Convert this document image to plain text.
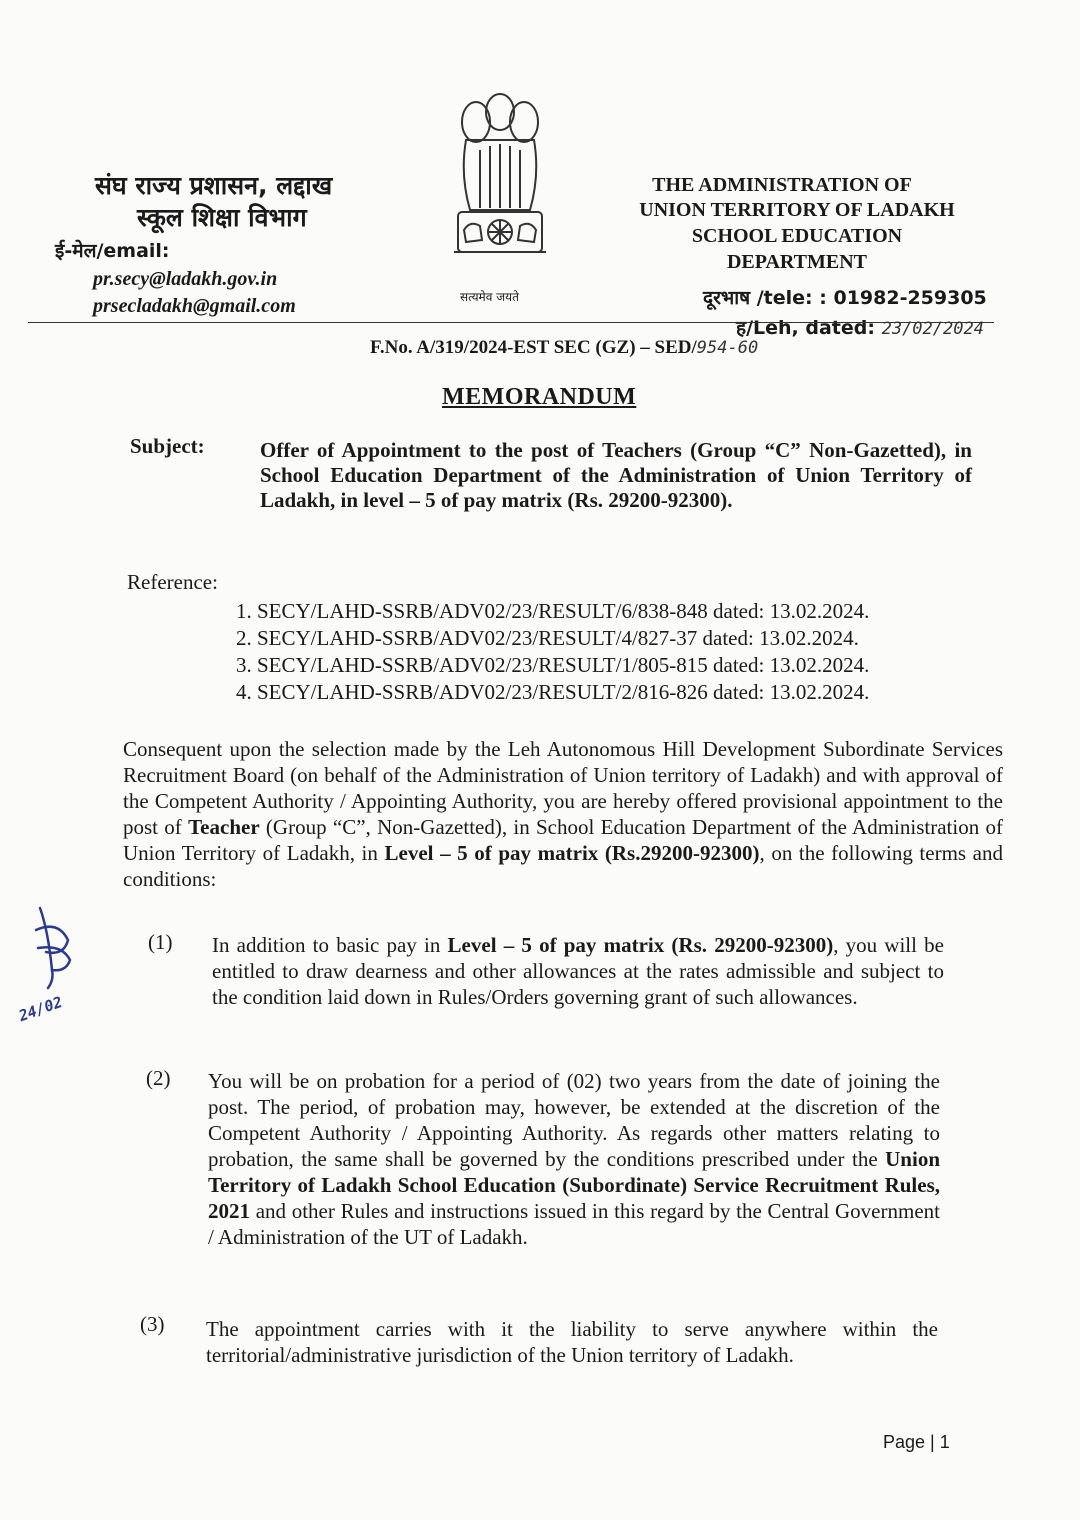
संघ राज्य प्रशासन, लद्दाख
स्कूल शिक्षा विभाग
ई-मेल/email:
pr.secy@ladakh.gov.in
prsecladakh@gmail.com	सत्यमेव जयते
THE ADMINISTRATION OF
UNION TERRITORY OF LADAKH
SCHOOL EDUCATION
DEPARTMENT
दूरभाष /tele: : 01982-259305
ह/Leh, dated: 23/02/2024
F.No. A/319/2024-EST SEC (GZ) – SED/954-60
MEMORANDUM
Subject:	Offer of Appointment to the post of Teachers (Group “C” Non-Gazetted), in School Education Department of the Administration of Union Territory of Ladakh, in level – 5 of pay matrix (Rs. 29200-92300).
Reference:
1. SECY/LAHD-SSRB/ADV02/23/RESULT/6/838-848 dated: 13.02.2024.
2. SECY/LAHD-SSRB/ADV02/23/RESULT/4/827-37 dated: 13.02.2024.
3. SECY/LAHD-SSRB/ADV02/23/RESULT/1/805-815 dated: 13.02.2024.
4. SECY/LAHD-SSRB/ADV02/23/RESULT/2/816-826 dated: 13.02.2024.
Consequent upon the selection made by the Leh Autonomous Hill Development Subordinate Services Recruitment Board (on behalf of the Administration of Union territory of Ladakh) and with approval of the Competent Authority / Appointing Authority, you are hereby offered provisional appointment to the post of Teacher (Group “C”, Non-Gazetted), in School Education Department of the Administration of Union Territory of Ladakh, in Level – 5 of pay matrix (Rs.29200-92300), on the following terms and conditions:
24/02
(1) In addition to basic pay in Level – 5 of pay matrix (Rs. 29200-92300), you will be entitled to draw dearness and other allowances at the rates admissible and subject to the condition laid down in Rules/Orders governing grant of such allowances.
(2) You will be on probation for a period of (02) two years from the date of joining the post. The period, of probation may, however, be extended at the discretion of the Competent Authority / Appointing Authority. As regards other matters relating to probation, the same shall be governed by the conditions prescribed under the Union Territory of Ladakh School Education (Subordinate) Service Recruitment Rules, 2021 and other Rules and instructions issued in this regard by the Central Government / Administration of the UT of Ladakh.
(3) The appointment carries with it the liability to serve anywhere within the territorial/administrative jurisdiction of the Union territory of Ladakh.
Page | 1
